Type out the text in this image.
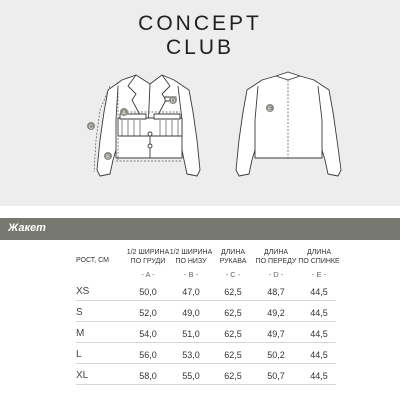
CONCEPT
CLUB
A
B
C
D
E
Жакет
РОСТ, СМ
1/2 ШИРИНА
ПО ГРУДИ
1/2 ШИРИНА
ПО НИЗУ
ДЛИНА
РУКАВА
ДЛИНА
ПО ПЕРЕДУ
ДЛИНА
ПО СПИНКЕ
- A -	- B -	- C -	- D -	- E -
XS	50,0	47,0	62,5	48,7	44,5
S	52,0	49,0	62,5	49,2	44,5
M	54,0	51,0	62,5	49,7	44,5
L	56,0	53,0	62,5	50,2	44,5
XL	58,0	55,0	62,5	50,7	44,5
